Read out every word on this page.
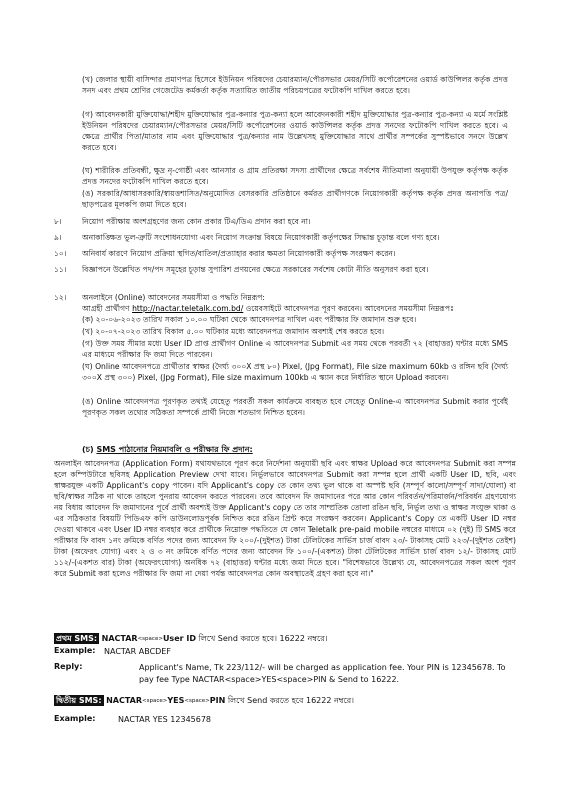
(খ) জেলার স্থায়ী বাসিন্দার প্রমাণপত্র হিসেবে ইউনিয়ন পরিষদের চেয়ারম্যান/পৌরসভার মেয়র/সিটি কর্পোরেশনের ওয়ার্ড কাউন্সিলর কর্তৃক প্রদত্ত সনদ এবং প্রথম শ্রেণির গেজেটেড কর্মকর্তা কর্তৃক সত্যায়িত জাতীয় পরিচয়পত্রের ফটোকপি দাখিল করতে হবে।
(গ) আবেদনকারী মুক্তিযোদ্ধা/শহীদ মুক্তিযোদ্ধার পুত্র-কন্যার পুত্র-কন্যা হলে আবেদনকারী শহীদ মুক্তিযোদ্ধার পুত্র-কন্যার পুত্র-কন্যা এ মর্মে সংশ্লিষ্ট ইউনিয়ন পরিষদের চেয়ারম্যান/পৌরসভার মেয়র/সিটি কর্পোরেশনের ওয়ার্ড কাউন্সিলর কর্তৃক প্রদত্ত সনদের ফটোকপি দাখিল করতে হবে। এ ক্ষেত্রে প্রার্থীর পিতা/মাতার নাম এবং মুক্তিযোদ্ধার পুত্র/কন্যার নাম উল্লেখসহ মুক্তিযোদ্ধার সাথে প্রার্থীর সম্পর্কের সুস্পষ্টভাবে সনদে উল্লেখ করতে হবে।
(ঘ) শারীরিক প্রতিবন্ধী, ক্ষুদ্র নৃ-গোষ্ঠী এবং আনসার ও গ্রাম প্রতিরক্ষা সদস্য প্রার্থীদের ক্ষেত্রে সর্বশেষ নীতিমালা অনুযায়ী উপযুক্ত কর্তৃপক্ষ কর্তৃক প্রদত্ত সনদের ফটোকপি দাখিল করতে হবে।
(ঙ) সরকারি/আধাসরকারি/স্বায়ত্তশাসিত/অনুমোদিত বেসরকারি প্রতিষ্ঠানে কর্মরত প্রার্থীগণকে নিয়োগকারী কর্তৃপক্ষ কর্তৃক প্রদত্ত অনাপত্তি পত্র/ছাড়পত্রের মূলকপি জমা দিতে হবে।
৮।	নিয়োগ পরীক্ষায় অংশগ্রহণের জন্য কোন প্রকার টিএ/ডিএ প্রদান করা হবে না।
৯।	অনাকাঙ্ক্ষিত ভুল-ত্রুটি সংশোধনযোগ্য এবং নিয়োগ সংক্রান্ত বিষয়ে নিয়োগকারী কর্তৃপক্ষের সিদ্ধান্ত চূড়ান্ত বলে গণ্য হবে।
১০।	অনিবার্য কারণে নিয়োগ প্রক্রিয়া স্থগিত/বাতিল/প্রত্যাহার করার ক্ষমতা নিয়োগকারী কর্তৃপক্ষ সংরক্ষণ করেন।
১১।	বিজ্ঞাপনে উল্লেখিত পদ/পদ সমূহের চূড়ান্ত সুপারিশ প্রণয়নের ক্ষেত্রে সরকারের সর্বশেষ কোটা নীতি অনুসরণ করা হবে।
১২।	অনলাইনে (Online) আবেদনের সময়সীমা ও পদ্ধতি নিম্নরূপ:
আগ্রহী প্রার্থীগণ http://nactar.teletalk.com.bd/ ওয়েবসাইটে আবেদনপত্র পূরণ করবেন। আবেদনের সময়সীমা নিম্নরূপঃ
(ক) ২০-০৬-২০২৩ তারিখ সকাল ১০.০০ ঘটিকা থেকে আবেদনপত্র দাখিল এবং পরীক্ষার ফি জমাদান শুরু হবে।
(খ) ২০-০৭-২০২৩ তারিখ বিকাল ৫.০০ ঘটিকার মধ্যে আবেদনপত্র জমাদান অবশ্যই শেষ করতে হবে।
(গ) উক্ত সময় সীমার মধ্যে User ID প্রাপ্ত প্রার্থীগণ Online এ আবেদনপত্র Submit এর সময় থেকে পরবর্তী ৭২ (বাহাত্তর) ঘন্টার মধ্যে SMS এর মাধ্যমে পরীক্ষার ফি জমা দিতে পারবেন।
(ঘ) Online আবেদনপত্রে প্রার্থীতার স্বাক্ষর (দৈর্ঘ্য ৩০০X প্রস্থ ৮০) Pixel, (Jpg Format), File size maximum 60kb ও রঙ্গিন ছবি (দৈর্ঘ্য ৩০০X প্রস্থ ৩০০) Pixel, (Jpg Format), File size maximum 100kb এ স্ক্যান করে নির্ধারিত স্থানে Upload করবেন।
(ঙ) Online আবেদনপত্র পূরণকৃত তথ্যই যেহেতু পরবর্তী সকল কার্যক্রমে ব্যবহৃত হবে সেহেতু Online-এ আবেদনপত্র Submit করার পূর্বেই পূরণকৃত সকল তথ্যের সঠিকতা সম্পর্কে প্রার্থী নিজে শতভাগ নিশ্চিত হবেন।
(চ) SMS পাঠানোর নিয়মাবলি ও পরীক্ষার ফি প্রদান:
অনলাইন আবেদনপত্র (Application Form) যথাযথভাবে পূরণ করে নির্দেশনা অনুযায়ী ছবি এবং স্বাক্ষর Upload করে আবেদনপত্র Submit করা সম্পন্ন হলে কম্পিউটারে ছবিসহ Application Preview দেখা যাবে। নির্ভুলভাবে আবেদনপত্র Submit করা সম্পন্ন হলে প্রার্থী একটি User ID, ছবি, এবং স্বাক্ষরযুক্ত একটি Applicant's copy পাবেন। যদি Applicant's copy তে কোন তথ্য ভুল থাকে বা অস্পষ্ট ছবি (সম্পূর্ণ কালো/সম্পূর্ণ সাদা/ঘোলা) বা ছবি/স্বাক্ষর সঠিক না থাকে তাহলে পুনরায় আবেদন করতে পারবেন। তবে আবেদন ফি জমাদানের পরে আর কোন পরিবর্তন/পরিমার্জন/পরিবর্ধন গ্রহণযোগ্য নয় বিধায় আবেদন ফি জমাদানের পূর্বে প্রার্থী অবশ্যই উক্ত Applicant's copy তে তার সাম্প্রতিক তোলা রঙিন ছবি, নির্ভুল তথ্য ও স্বাক্ষর সংযুক্ত থাকা ও এর সঠিকতার বিষয়টি পিডিএফ কপি ডাউনলোডপূর্বক নিশ্চিত করে রঙিন প্রিন্ট করে সংরক্ষণ করবেন। Applicant's Copy তে একটি User ID নম্বর দেওয়া থাকবে এবং User ID নম্বর ব্যবহার করে প্রার্থীকে নিম্নোক্ত পদ্ধতিতে যে কোন Teletalk pre-paid mobile নম্বরের মাধ্যমে ০২ (দুই) টি SMS করে পরীক্ষার ফি বাবদ ১নং ক্রমিকে বর্ণিত পদের জন্য আবেদন ফি ২০০/-(দুইশত) টাকা টেলিটকের সার্ভিস চার্জ বাবদ ২৩/- টাকাসহ মোট ২২৩/-(দুইশত তেইশ) টাকা (অফেরৎ যোগ্য) এবং ২ ও ৩ নং ক্রমিকে বর্ণিত পদের জন্য আবেদন ফি ১০০/-(একশত) টাকা টেলিটকের সার্ভিস চার্জ বাবদ ১২/- টাকাসহ মোট ১১২/-(একশত বার) টাকা (অফেরৎযোগ্য) অনধিক ৭২ (বাহাত্তর) ঘন্টার মধ্যে জমা দিতে হবে। "বিশেষভাবে উল্লেখ্য যে, আবেদনপত্রের সকল অংশ পূরণ করে Submit করা হলেও পরীক্ষার ফি জমা না দেয়া পর্যন্ত আবেদনপত্র কোন অবস্থাতেই গ্রহণ করা হবে না।"
প্রথম SMS: NACTAR<space>User ID লিখে Send করতে হবে। 16222 নম্বরে।
Example: NACTAR ABCDEF
Reply:	Applicant's Name, Tk 223/112/- will be charged as application fee. Your PIN is 12345678. To pay fee Type NACTAR<space>YES<space>PIN & Send to 16222.
দ্বিতীয় SMS: NACTAR<space>YES<space>PIN লিখে Send করতে হবে 16222 নম্বরে।
Example:	NACTAR YES 12345678
